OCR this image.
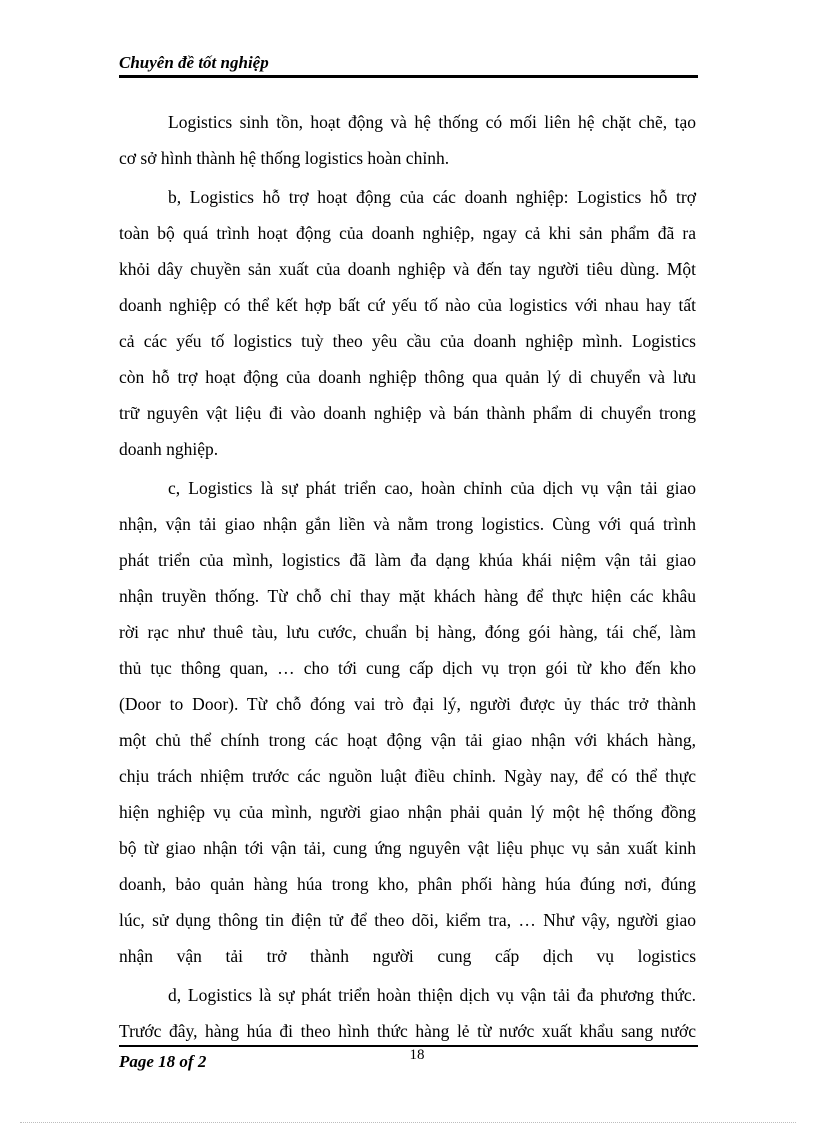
Chuyên đề tốt nghiệp

Logistics sinh tồn, hoạt động và hệ thống có mối liên hệ chặt chẽ, tạo
cơ sở hình thành hệ thống logistics hoàn chỉnh.

b, Logistics hỗ trợ hoạt động của các doanh nghiệp: Logistics hỗ trợ
toàn bộ quá trình hoạt động của doanh nghiệp, ngay cả khi sản phẩm đã ra
khỏi dây chuyền sản xuất của doanh nghiệp và đến tay người tiêu dùng. Một
doanh nghiệp có thể kết hợp bất cứ yếu tố nào của logistics với nhau hay tất
cả các yếu tố logistics tuỳ theo yêu cầu của doanh nghiệp mình. Logistics
còn hỗ trợ hoạt động của doanh nghiệp thông qua quản lý di chuyển và lưu
trữ nguyên vật liệu đi vào doanh nghiệp và bán thành phẩm di chuyển trong
doanh nghiệp.

c, Logistics là sự phát triển cao, hoàn chỉnh của dịch vụ vận tải giao
nhận, vận tải giao nhận gắn liền và nằm trong logistics. Cùng với quá trình
phát triển của mình, logistics đã làm đa dạng khúa khái niệm vận tải giao
nhận truyền thống. Từ chỗ chỉ thay mặt khách hàng để thực hiện các khâu
rời rạc như thuê tàu, lưu cước, chuẩn bị hàng, đóng gói hàng, tái chế, làm
thủ tục thông quan, … cho tới cung cấp dịch vụ trọn gói từ kho đến kho
(Door to Door). Từ chỗ đóng vai trò đại lý, người được ủy thác trở thành
một chủ thể chính trong các hoạt động vận tải giao nhận với khách hàng,
chịu trách nhiệm trước các nguồn luật điều chỉnh. Ngày nay, để có thể thực
hiện nghiệp vụ của mình, người giao nhận phải quản lý một hệ thống đồng
bộ từ giao nhận tới vận tải, cung ứng nguyên vật liệu phục vụ sản xuất kinh
doanh, bảo quản hàng húa trong kho, phân phối hàng húa đúng nơi, đúng
lúc, sử dụng thông tin điện tử để theo dõi, kiểm tra, … Như vậy, người giao
nhận vận tải trở thành người cung cấp dịch vụ logistics

d, Logistics là sự phát triển hoàn thiện dịch vụ vận tải đa phương thức.
Trước đây, hàng húa đi theo hình thức hàng lẻ từ nước xuất khẩu sang nước

Page 18 of 2	18
